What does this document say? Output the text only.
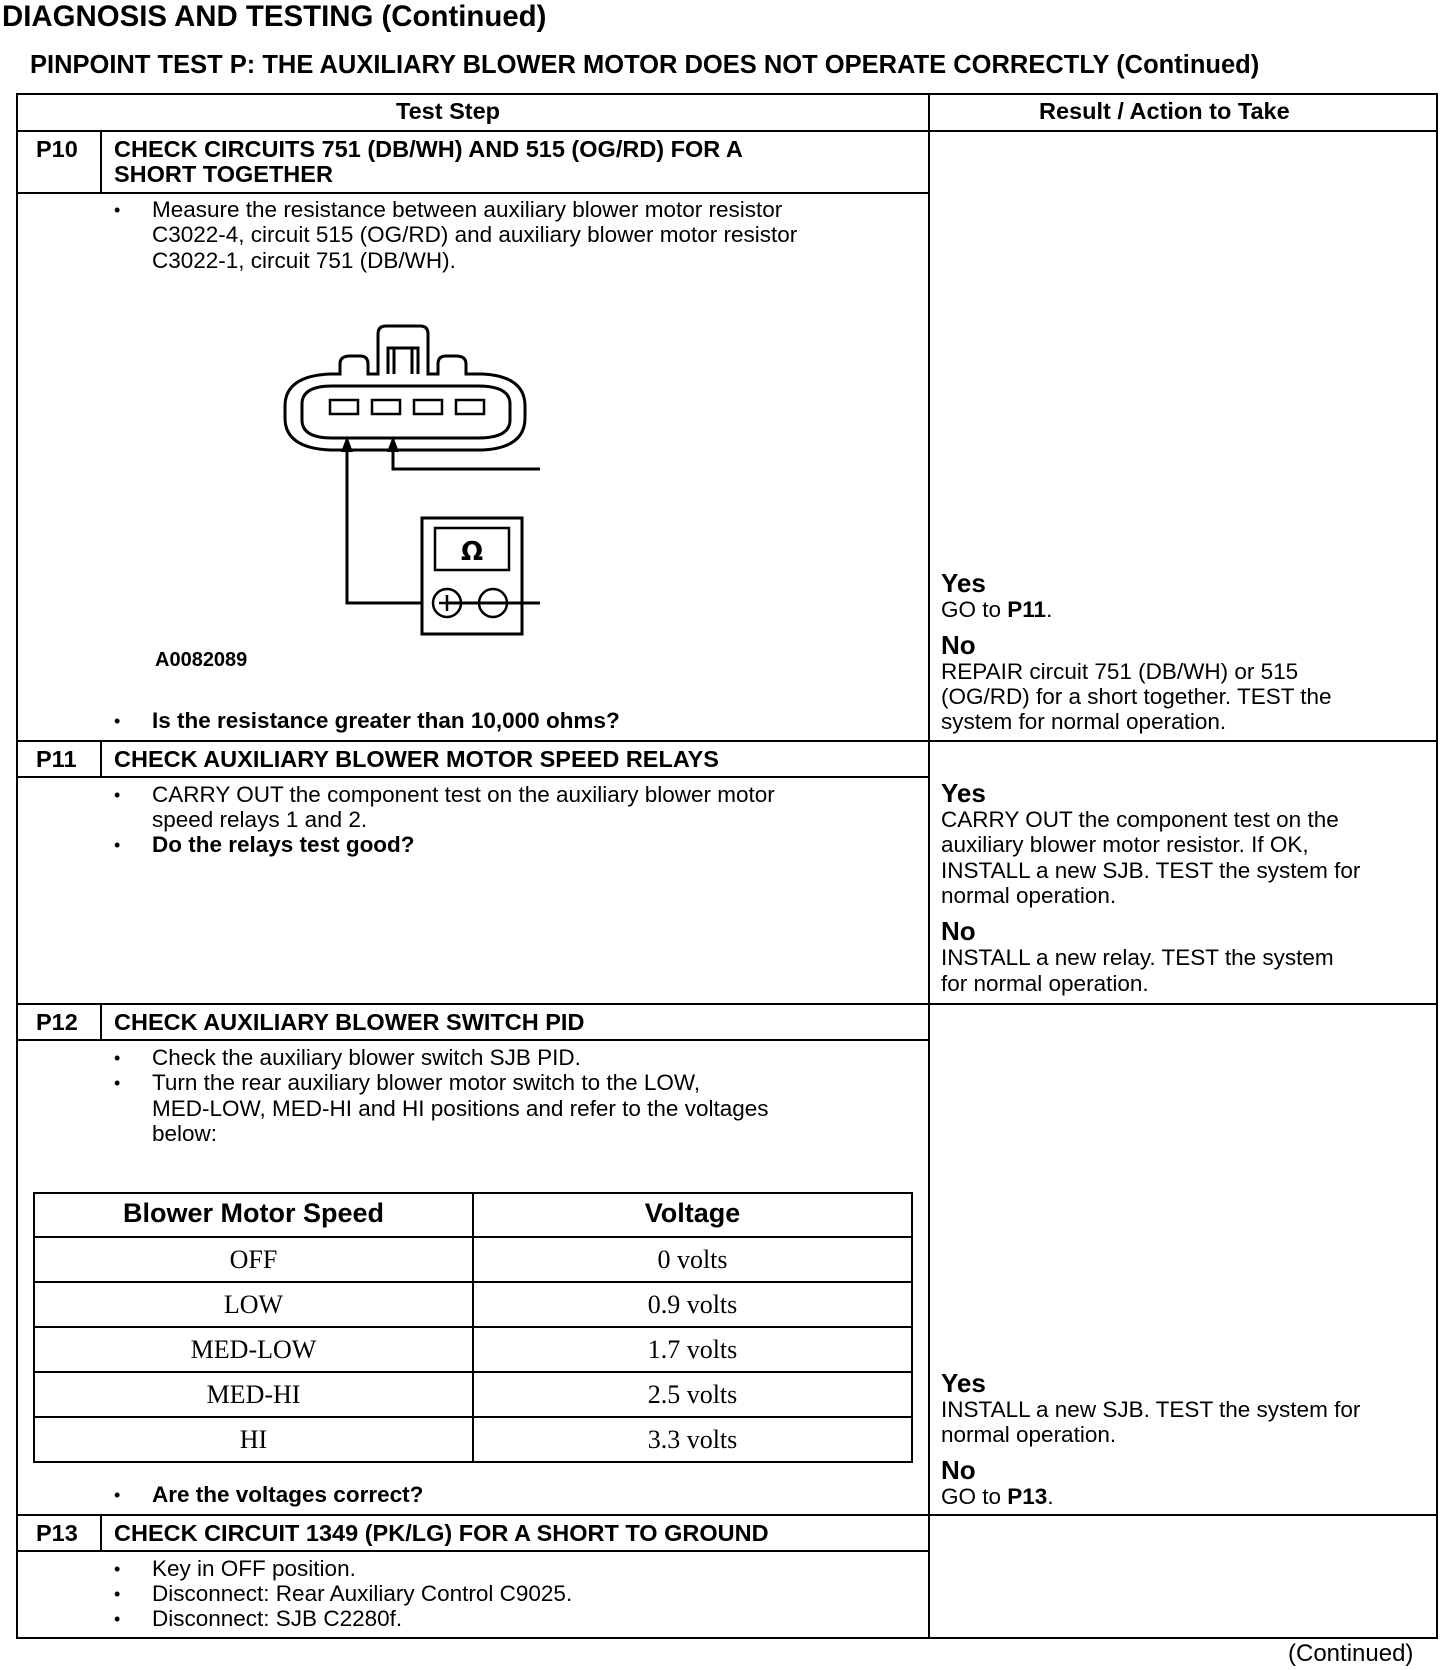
DIAGNOSIS AND TESTING (Continued)
PINPOINT TEST P: THE AUXILIARY BLOWER MOTOR DOES NOT OPERATE CORRECTLY (Continued)
Test Step	Result / Action to Take
P10 CHECK CIRCUITS 751 (DB/WH) AND 515 (OG/RD) FOR A
SHORT TOGETHER
• Measure the resistance between auxiliary blower motor resistor
C3022-4, circuit 515 (OG/RD) and auxiliary blower motor resistor
C3022-1, circuit 751 (DB/WH).
Ω
A0082089
• Is the resistance greater than 10,000 ohms?
Yes
GO to P11.
No
REPAIR circuit 751 (DB/WH) or 515
(OG/RD) for a short together. TEST the
system for normal operation.
P11 CHECK AUXILIARY BLOWER MOTOR SPEED RELAYS
• CARRY OUT the component test on the auxiliary blower motor
speed relays 1 and 2.
• Do the relays test good?
Yes
CARRY OUT the component test on the
auxiliary blower motor resistor. If OK,
INSTALL a new SJB. TEST the system for
normal operation.
No
INSTALL a new relay. TEST the system
for normal operation.
P12 CHECK AUXILIARY BLOWER SWITCH PID
• Check the auxiliary blower switch SJB PID.
• Turn the rear auxiliary blower motor switch to the LOW,
MED-LOW, MED-HI and HI positions and refer to the voltages
below:
Blower Motor Speed	Voltage
OFF	0 volts
LOW	0.9 volts
MED-LOW	1.7 volts
MED-HI	2.5 volts
HI	3.3 volts
• Are the voltages correct?
Yes
INSTALL a new SJB. TEST the system for
normal operation.
No
GO to P13.
P13 CHECK CIRCUIT 1349 (PK/LG) FOR A SHORT TO GROUND
• Key in OFF position.
• Disconnect: Rear Auxiliary Control C9025.
• Disconnect: SJB C2280f.
(Continued)
